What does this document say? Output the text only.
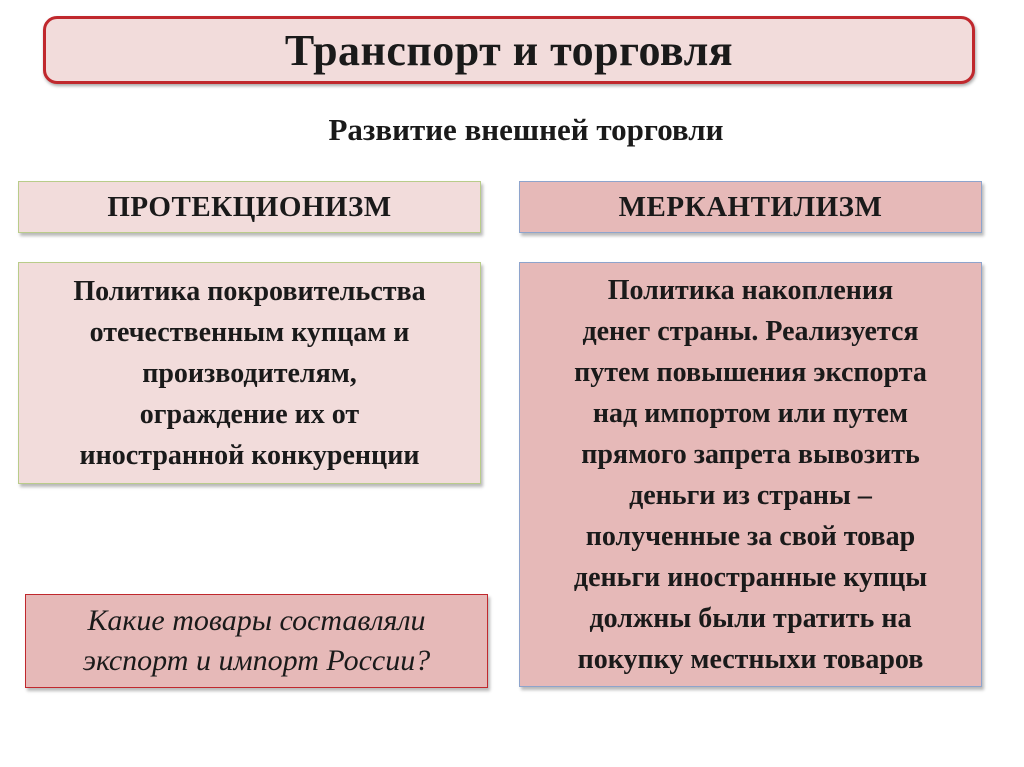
Транспорт и торговля
Развитие внешней торговли
ПРОТЕКЦИОНИЗМ	МЕРКАНТИЛИЗМ
Политика покровительства
отечественным купцам и
производителям,
ограждение их от
иностранной конкуренции
Политика накопления
денег страны. Реализуется
путем повышения экспорта
над импортом или путем
прямого запрета вывозить
деньги из страны –
полученные за свой товар
деньги иностранные купцы
должны были тратить на
покупку местныхи товаров
Какие товары составляли
экспорт и импорт России?
